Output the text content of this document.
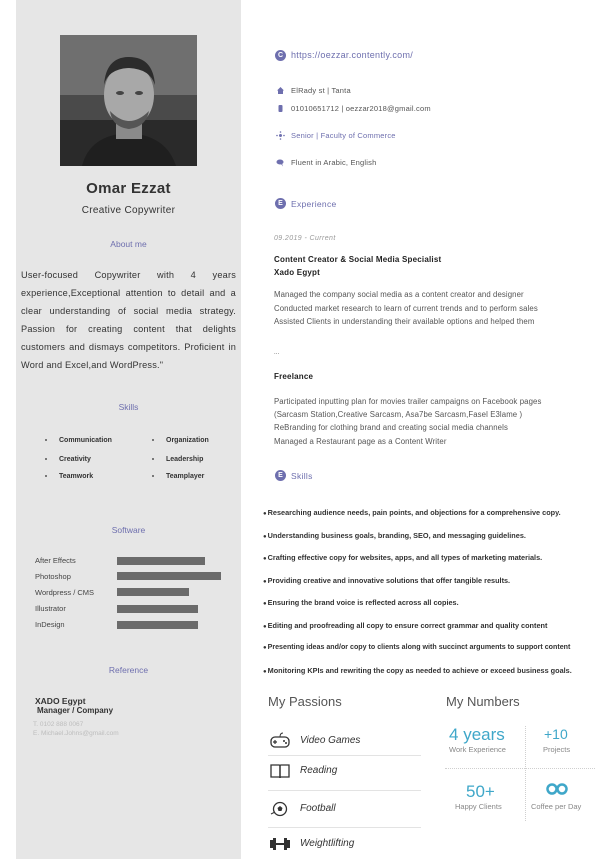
Omar Ezzat
Creative Copywriter
About me
User-focused Copywriter with 4 years experience,Exceptional attention to detail and a clear understanding of social media strategy. Passion for creating content that delights customers and dismays competitors. Proficient in Word and Excel,and WordPress."
Skills
Communication	Organization
Creativity	Leadership
Teamwork	Teamplayer
Software
After Effects
Photoshop
Wordpress / CMS
Illustrator
InDesign
Reference
XADO Egypt
Manager / Company
T. 0102 888 0067
E. Michael.Johns@gmail.com
C https://oezzar.contently.com/
ElRady st | Tanta
01010651712 | oezzar2018@gmail.com
Senior | Faculty of Commerce
Fluent in Arabic, English
E Experience
09.2019 - Current
Content Creator & Social Media Specialist
Xado Egypt
Managed the company social media as a content creator and designer
Conducted market research to learn of current trends and to perform sales
Assisted Clients in understanding their available options and helped them
...
Freelance
Participated inputting plan for movies trailer campaigns on Facebook pages
(Sarcasm Station,Creative Sarcasm, Asa7be Sarcasm,Fasel E3lame )
ReBranding for clothing brand and creating social media channels
Managed a Restaurant page as a Content Writer
E Skills
● Researching audience needs, pain points, and objections for a comprehensive copy.
● Understanding business goals, branding, SEO, and messaging guidelines.
● Crafting effective copy for websites, apps, and all types of marketing materials.
● Providing creative and innovative solutions that offer tangible results.
● Ensuring the brand voice is reflected across all copies.
● Editing and proofreading all copy to ensure correct grammar and quality content
● Presenting ideas and/or copy to clients along with succinct arguments to support content
● Monitoring KPIs and rewriting the copy as needed to achieve or exceed business goals.
My Passions
Video Games
Reading
Football
Weightlifting
My Numbers
4 years
Work Experience
+10
Projects
50+
Happy Clients	Coffee per Day
